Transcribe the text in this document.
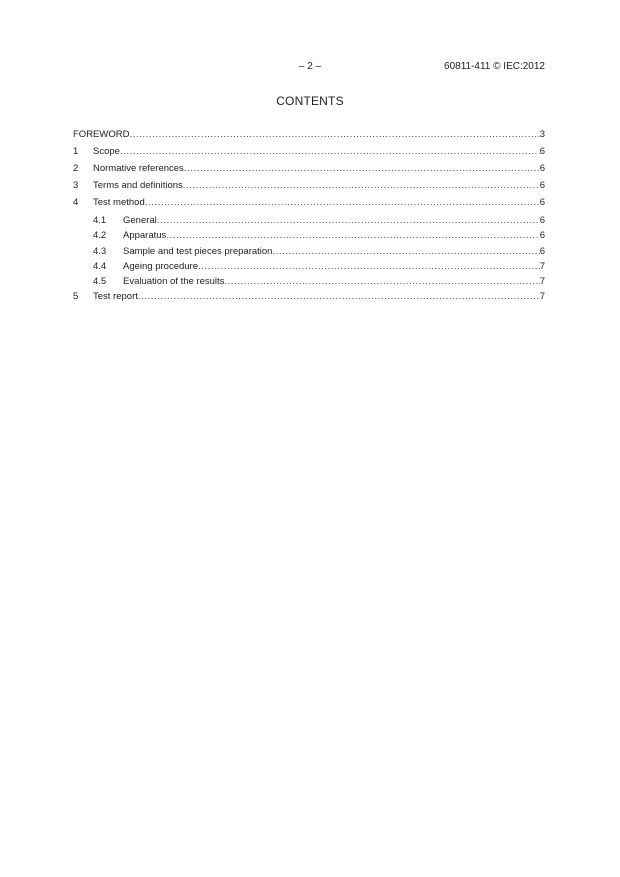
– 2 –	60811-411 © IEC:2012
CONTENTS
FOREWORD .....	3
1	Scope .....	6
2	Normative references .....	6
3	Terms and definitions .....	6
4	Test method .....	6
4.1	General .....	6
4.2	Apparatus .....	6
4.3	Sample and test pieces preparation .....	6
4.4	Ageing procedure .....	7
4.5	Evaluation of the results .....	7
5	Test report .....	7
